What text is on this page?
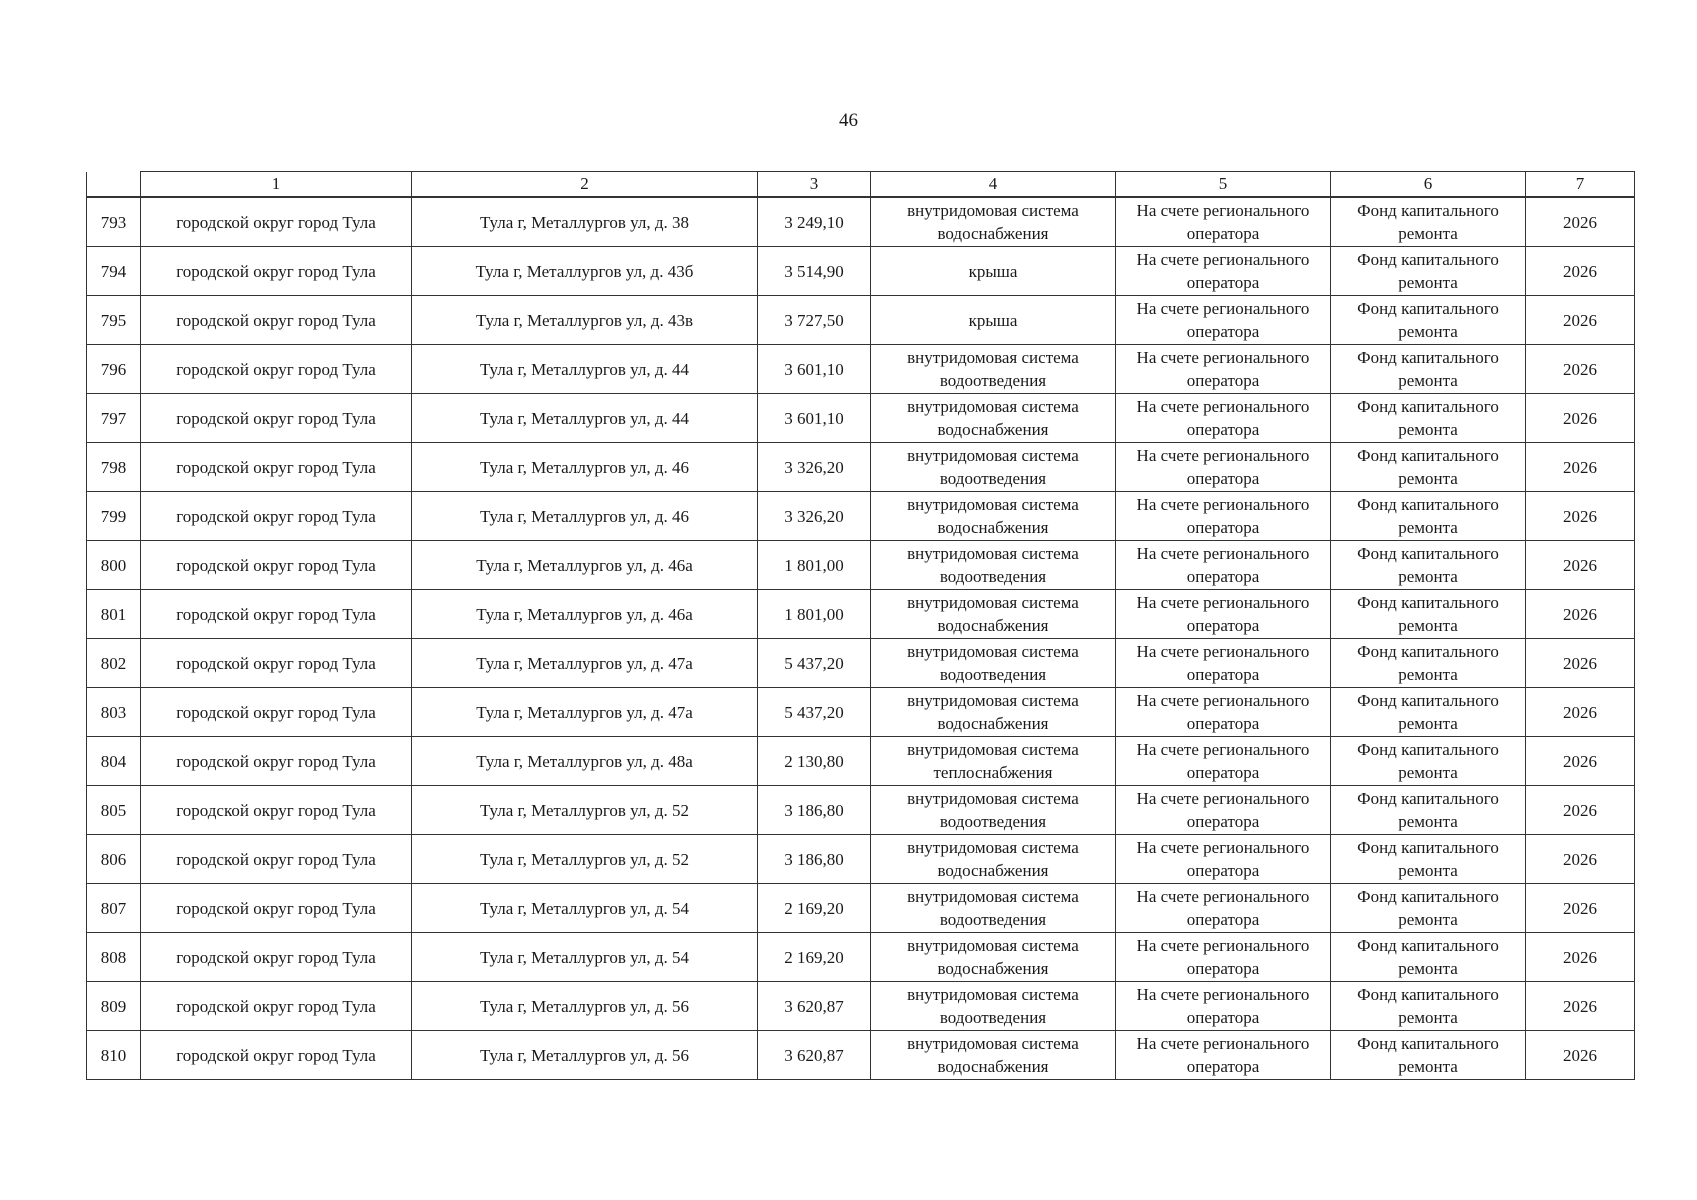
46
	1	2	3	4	5	6	7
793	городской округ город Тула	Тула г, Металлургов ул, д. 38	3 249,10	внутридомовая система водоснабжения	На счете регионального оператора	Фонд капитального ремонта	2026
794	городской округ город Тула	Тула г, Металлургов ул, д. 43б	3 514,90	крыша	На счете регионального оператора	Фонд капитального ремонта	2026
795	городской округ город Тула	Тула г, Металлургов ул, д. 43в	3 727,50	крыша	На счете регионального оператора	Фонд капитального ремонта	2026
796	городской округ город Тула	Тула г, Металлургов ул, д. 44	3 601,10	внутридомовая система водоотведения	На счете регионального оператора	Фонд капитального ремонта	2026
797	городской округ город Тула	Тула г, Металлургов ул, д. 44	3 601,10	внутридомовая система водоснабжения	На счете регионального оператора	Фонд капитального ремонта	2026
798	городской округ город Тула	Тула г, Металлургов ул, д. 46	3 326,20	внутридомовая система водоотведения	На счете регионального оператора	Фонд капитального ремонта	2026
799	городской округ город Тула	Тула г, Металлургов ул, д. 46	3 326,20	внутридомовая система водоснабжения	На счете регионального оператора	Фонд капитального ремонта	2026
800	городской округ город Тула	Тула г, Металлургов ул, д. 46а	1 801,00	внутридомовая система водоотведения	На счете регионального оператора	Фонд капитального ремонта	2026
801	городской округ город Тула	Тула г, Металлургов ул, д. 46а	1 801,00	внутридомовая система водоснабжения	На счете регионального оператора	Фонд капитального ремонта	2026
802	городской округ город Тула	Тула г, Металлургов ул, д. 47а	5 437,20	внутридомовая система водоотведения	На счете регионального оператора	Фонд капитального ремонта	2026
803	городской округ город Тула	Тула г, Металлургов ул, д. 47а	5 437,20	внутридомовая система водоснабжения	На счете регионального оператора	Фонд капитального ремонта	2026
804	городской округ город Тула	Тула г, Металлургов ул, д. 48а	2 130,80	внутридомовая система теплоснабжения	На счете регионального оператора	Фонд капитального ремонта	2026
805	городской округ город Тула	Тула г, Металлургов ул, д. 52	3 186,80	внутридомовая система водоотведения	На счете регионального оператора	Фонд капитального ремонта	2026
806	городской округ город Тула	Тула г, Металлургов ул, д. 52	3 186,80	внутридомовая система водоснабжения	На счете регионального оператора	Фонд капитального ремонта	2026
807	городской округ город Тула	Тула г, Металлургов ул, д. 54	2 169,20	внутридомовая система водоотведения	На счете регионального оператора	Фонд капитального ремонта	2026
808	городской округ город Тула	Тула г, Металлургов ул, д. 54	2 169,20	внутридомовая система водоснабжения	На счете регионального оператора	Фонд капитального ремонта	2026
809	городской округ город Тула	Тула г, Металлургов ул, д. 56	3 620,87	внутридомовая система водоотведения	На счете регионального оператора	Фонд капитального ремонта	2026
810	городской округ город Тула	Тула г, Металлургов ул, д. 56	3 620,87	внутридомовая система водоснабжения	На счете регионального оператора	Фонд капитального ремонта	2026
